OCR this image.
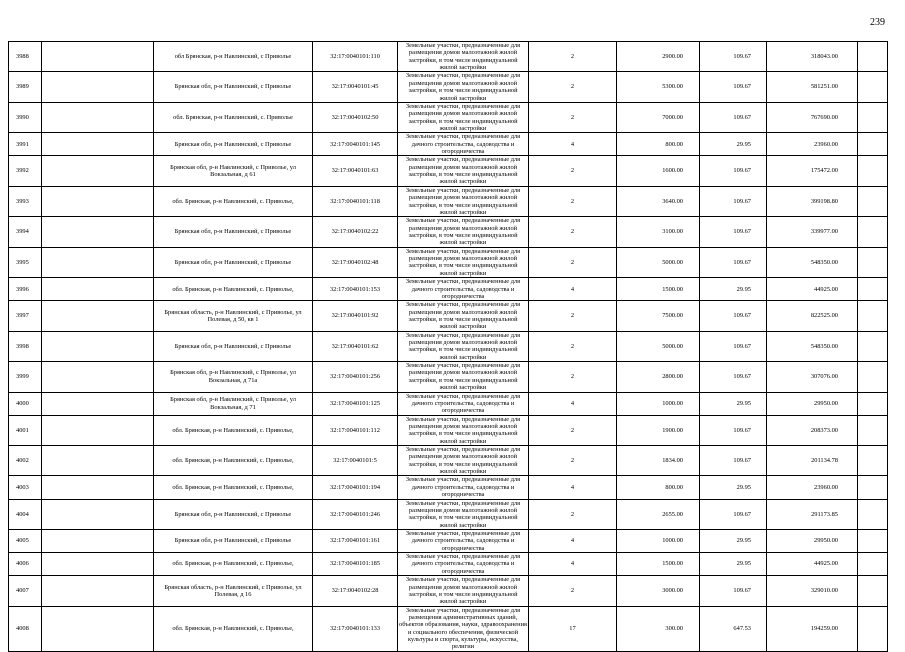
239
3988		обл Брянская, р-н Навлинский, с Приволье	32:17:0040101:110	Земельные участки, предназначенные для размещения домов малоэтажной жилой застройки, в том числе индивидуальной жилой застройки	2	2900.00	109.67	318043.00	
3989		Брянская обл, р-н Навлинский, с Приволье	32:17:0040101:45	Земельные участки, предназначенные для размещения домов малоэтажной жилой застройки, в том числе индивидуальной жилой застройки	2	5300.00	109.67	581251.00	
3990		обл. Брянская, р-н Навлинский, с. Приволье	32:17:0040102:50	Земельные участки, предназначенные для размещения домов малоэтажной жилой застройки, в том числе индивидуальной жилой застройки	2	7000.00	109.67	767690.00	
3991		Брянская обл, р-н Навлинский, с Приволье	32:17:0040101:145	Земельные участки, предназначенные для дачного строительства, садоводства и огородничества	4	800.00	29.95	23960.00	
3992		Брянская обл, р-н Навлинский, с Приволье, ул Вокзальная, д 61	32:17:0040101:63	Земельные участки, предназначенные для размещения домов малоэтажной жилой застройки, в том числе индивидуальной жилой застройки	2	1600.00	109.67	175472.00	
3993		обл. Брянская, р-н Навлинский, с. Приволье,	32:17:0040101:118	Земельные участки, предназначенные для размещения домов малоэтажной жилой застройки, в том числе индивидуальной жилой застройки	2	3640.00	109.67	399198.80	
3994		Брянская обл, р-н Навлинский, с Приволье	32:17:0040102:22	Земельные участки, предназначенные для размещения домов малоэтажной жилой застройки, в том числе индивидуальной жилой застройки	2	3100.00	109.67	339977.00	
3995		Брянская обл, р-н Навлинский, с Приволье	32:17:0040102:48	Земельные участки, предназначенные для размещения домов малоэтажной жилой застройки, в том числе индивидуальной жилой застройки	2	5000.00	109.67	548350.00	
3996		обл. Брянская, р-н Навлинский, с. Приволье,	32:17:0040101:153	Земельные участки, предназначенные для дачного строительства, садоводства и огородничества	4	1500.00	29.95	44925.00	
3997		Брянская область, р-н Навлинский, с Приволье, ул Полевая, д 50, кв 1	32:17:0040101:92	Земельные участки, предназначенные для размещения домов малоэтажной жилой застройки, в том числе индивидуальной жилой застройки	2	7500.00	109.67	822525.00	
3998		Брянская обл, р-н Навлинский, с Приволье	32:17:0040101:62	Земельные участки, предназначенные для размещения домов малоэтажной жилой застройки, в том числе индивидуальной жилой застройки	2	5000.00	109.67	548350.00	
3999		Брянская обл, р-н Навлинский, с Приволье, ул Вокзальная, д 71а	32:17:0040101:256	Земельные участки, предназначенные для размещения домов малоэтажной жилой застройки, в том числе индивидуальной жилой застройки	2	2800.00	109.67	307076.00	
4000		Брянская обл, р-н Навлинский, с Приволье, ул Вокзальная, д 71	32:17:0040101:125	Земельные участки, предназначенные для дачного строительства, садоводства и огородничества	4	1000.00	29.95	29950.00	
4001		обл. Брянская, р-н Навлинский, с. Приволье,	32:17:0040101:112	Земельные участки, предназначенные для размещения домов малоэтажной жилой застройки, в том числе индивидуальной жилой застройки	2	1900.00	109.67	208373.00	
4002		обл. Брянская, р-н Навлинский, с. Приволье,	32:17:0040101:5	Земельные участки, предназначенные для размещения домов малоэтажной жилой застройки, в том числе индивидуальной жилой застройки	2	1834.00	109.67	201134.78	
4003		обл. Брянская, р-н Навлинский, с. Приволье,	32:17:0040101:194	Земельные участки, предназначенные для дачного строительства, садоводства и огородничества	4	800.00	29.95	23960.00	
4004		Брянская обл, р-н Навлинский, с Приволье	32:17:0040101:246	Земельные участки, предназначенные для размещения домов малоэтажной жилой застройки, в том числе индивидуальной жилой застройки	2	2655.00	109.67	291173.85	
4005		Брянская обл, р-н Навлинский, с Приволье	32:17:0040101:161	Земельные участки, предназначенные для дачного строительства, садоводства и огородничества	4	1000.00	29.95	29950.00	
4006		обл. Брянская, р-н Навлинский, с. Приволье,	32:17:0040101:185	Земельные участки, предназначенные для дачного строительства, садоводства и огородничества	4	1500.00	29.95	44925.00	
4007		Брянская область, р-н Навлинский, с Приволье, ул Полевая, д 16	32:17:0040102:28	Земельные участки, предназначенные для размещения домов малоэтажной жилой застройки, в том числе индивидуальной жилой застройки	2	3000.00	109.67	329010.00	
4008		обл. Брянская, р-н Навлинский, с. Приволье,	32:17:0040101:133	Земельные участки, предназначенные для размещения административных зданий, объектов образования, науки, здравоохранения и социального обеспечения, физической культуры и спорта, культуры, искусства, религии	17	300.00	647.53	194259.00	
